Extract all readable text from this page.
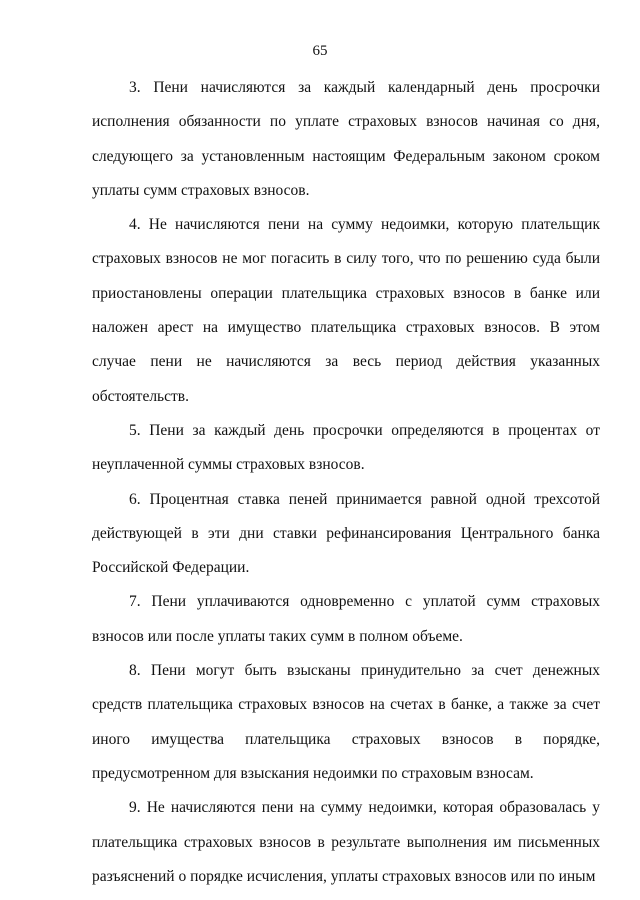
65

3. Пени начисляются за каждый календарный день просрочки исполнения обязанности по уплате страховых взносов начиная со дня, следующего за установленным настоящим Федеральным законом сроком уплаты сумм страховых взносов.

4. Не начисляются пени на сумму недоимки, которую плательщик страховых взносов не мог погасить в силу того, что по решению суда были приостановлены операции плательщика страховых взносов в банке или наложен арест на имущество плательщика страховых взносов. В этом случае пени не начисляются за весь период действия указанных обстоятельств.

5. Пени за каждый день просрочки определяются в процентах от неуплаченной суммы страховых взносов.

6. Процентная ставка пеней принимается равной одной трехсотой действующей в эти дни ставки рефинансирования Центрального банка Российской Федерации.

7. Пени уплачиваются одновременно с уплатой сумм страховых взносов или после уплаты таких сумм в полном объеме.

8. Пени могут быть взысканы принудительно за счет денежных средств плательщика страховых взносов на счетах в банке, а также за счет иного имущества плательщика страховых взносов в порядке, предусмотренном для взыскания недоимки по страховым взносам.

9. Не начисляются пени на сумму недоимки, которая образовалась у плательщика страховых взносов в результате выполнения им письменных разъяснений о порядке исчисления, уплаты страховых взносов или по иным
